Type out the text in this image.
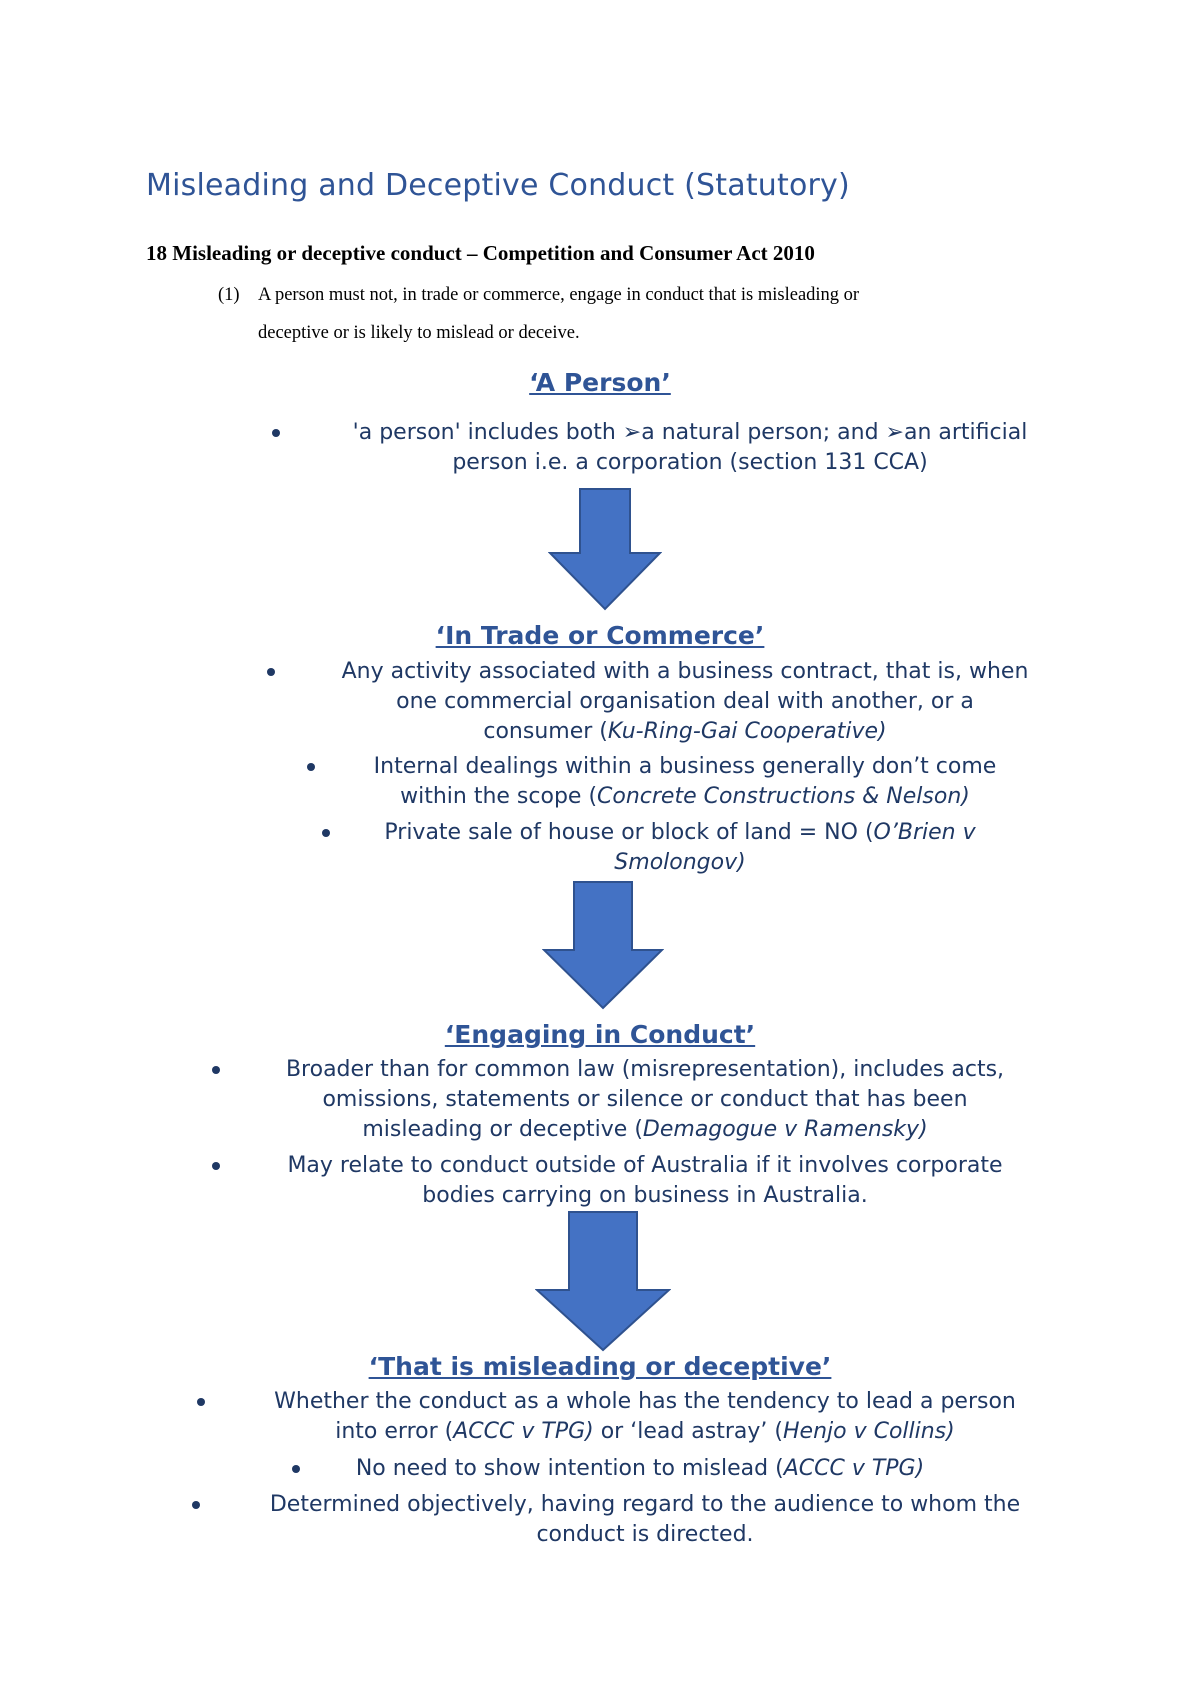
Misleading and Deceptive Conduct (Statutory)
18 Misleading or deceptive conduct – Competition and Consumer Act 2010
(1) A person must not, in trade or commerce, engage in conduct that is misleading or
deceptive or is likely to mislead or deceive.
‘A Person’
'a person' includes both ➢a natural person; and ➢an artificial
person i.e. a corporation (section 131 CCA)
‘In Trade or Commerce’
Any activity associated with a business contract, that is, when
one commercial organisation deal with another, or a
consumer (Ku-Ring-Gai Cooperative)
Internal dealings within a business generally don’t come
within the scope (Concrete Constructions & Nelson)
Private sale of house or block of land = NO (O’Brien v
Smolongov)
‘Engaging in Conduct’
Broader than for common law (misrepresentation), includes acts,
omissions, statements or silence or conduct that has been
misleading or deceptive (Demagogue v Ramensky)
May relate to conduct outside of Australia if it involves corporate
bodies carrying on business in Australia.
‘That is misleading or deceptive’
Whether the conduct as a whole has the tendency to lead a person
into error (ACCC v TPG) or ‘lead astray’ (Henjo v Collins)
No need to show intention to mislead (ACCC v TPG)
Determined objectively, having regard to the audience to whom the
conduct is directed.
